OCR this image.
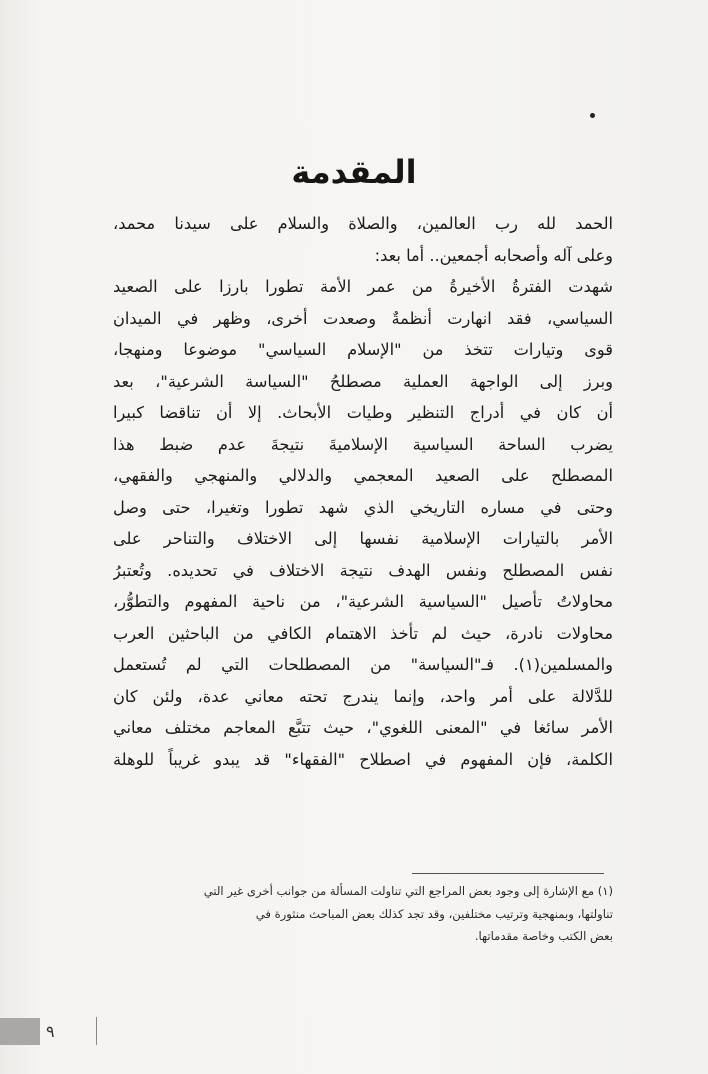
المقدمة
الحمد لله رب العالمين، والصلاة والسلام على سيدنا محمد،
وعلى آله وأصحابه أجمعين.. أما بعد:
شهدت الفترةُ الأخيرةُ من عمر الأمة تطورا بارزا على الصعيد
السياسي، فقد انهارت أنظمةٌ وصعدت أخرى، وظهر في الميدان
قوى وتيارات تتخذ من "الإسلام السياسي" موضوعا ومنهجا،
وبرز إلى الواجهة العملية مصطلحُ "السياسة الشرعية"، بعد
أن كان في أدراج التنظير وطيات الأبحاث. إلا أن تناقضا كبيرا
يضرب الساحة السياسية الإسلاميةَ نتيجةَ عدم ضبط هذا
المصطلح على الصعيد المعجمي والدلالي والمنهجي والفقهي،
وحتى في مساره التاريخي الذي شهد تطورا وتغيرا، حتى وصل
الأمر بالتيارات الإسلامية نفسها إلى الاختلاف والتناحر على
نفس المصطلح ونفس الهدف نتيجة الاختلاف في تحديده. وتُعتبرُ
محاولاتُ تأصيل "السياسية الشرعية"، من ناحية المفهوم والتطوُّر،
محاولات نادرة، حيث لم تأخذ الاهتمام الكافي من الباحثين العرب
والمسلمين(١). فـ"السياسة" من المصطلحات التي لم تُستعمل
للدَّلالة على أمر واحد، وإنما يندرج تحته معاني عدة، ولئن كان
الأمر سائغا في "المعنى اللغوي"، حيث تتبَّع المعاجم مختلف معاني
الكلمة، فإن المفهوم في اصطلاح "الفقهاء" قد يبدو غريباً للوهلة
(١) مع الإشارة إلى وجود بعض المراجع التي تناولت المسألة من جوانب أخرى غير التي
تناولتها، وبمنهجية وترتيب مختلفين، وقد تجد كذلك بعض المباحث منثورة في
بعض الكتب وخاصة مقدماتها.
٩
